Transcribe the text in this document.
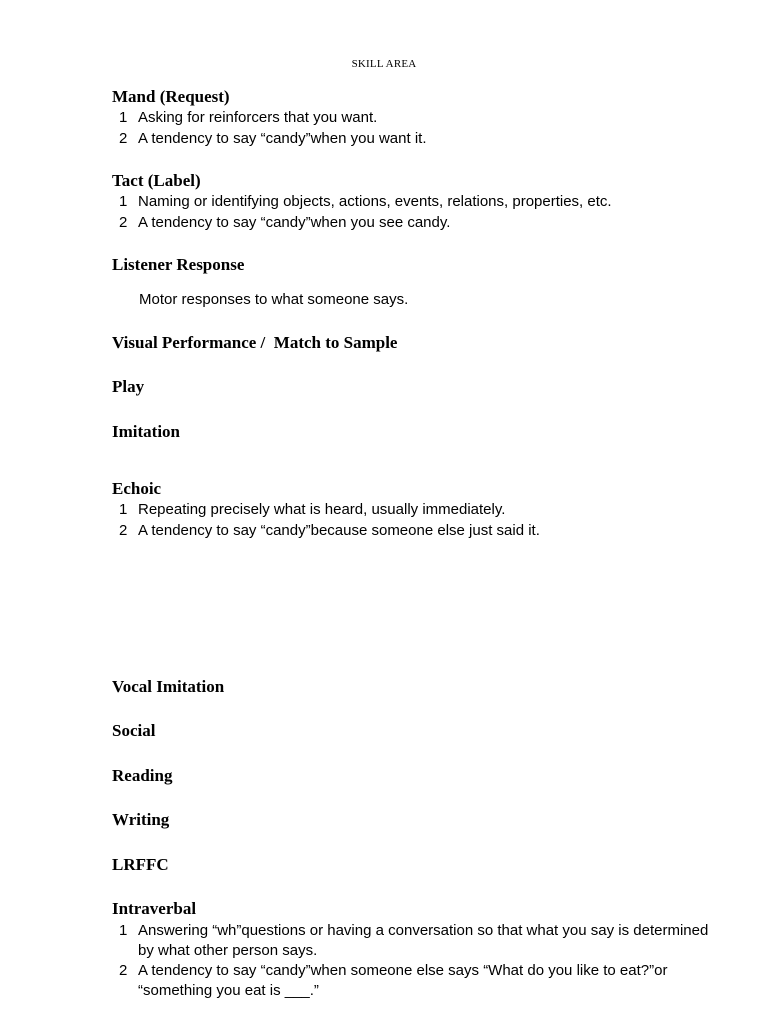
SKILL AREA
Mand (Request)
1 Asking for reinforcers that you want.
2 A tendency to say “candy”when you want it.
Tact (Label)
1 Naming or identifying objects, actions, events, relations, properties, etc.
2 A tendency to say “candy”when you see candy.
Listener Response
Motor responses to what someone says.
Visual Performance /  Match to Sample
Play
Imitation
Echoic
1 Repeating precisely what is heard, usually immediately.
2 A tendency to say “candy”because someone else just said it.
Vocal Imitation
Social
Reading
Writing
LRFFC
Intraverbal
1 Answering “wh”questions or having a conversation so that what you say is determined by what other person says.
2 A tendency to say “candy”when someone else says “What do you like to eat?”or “something you eat is ___.”
